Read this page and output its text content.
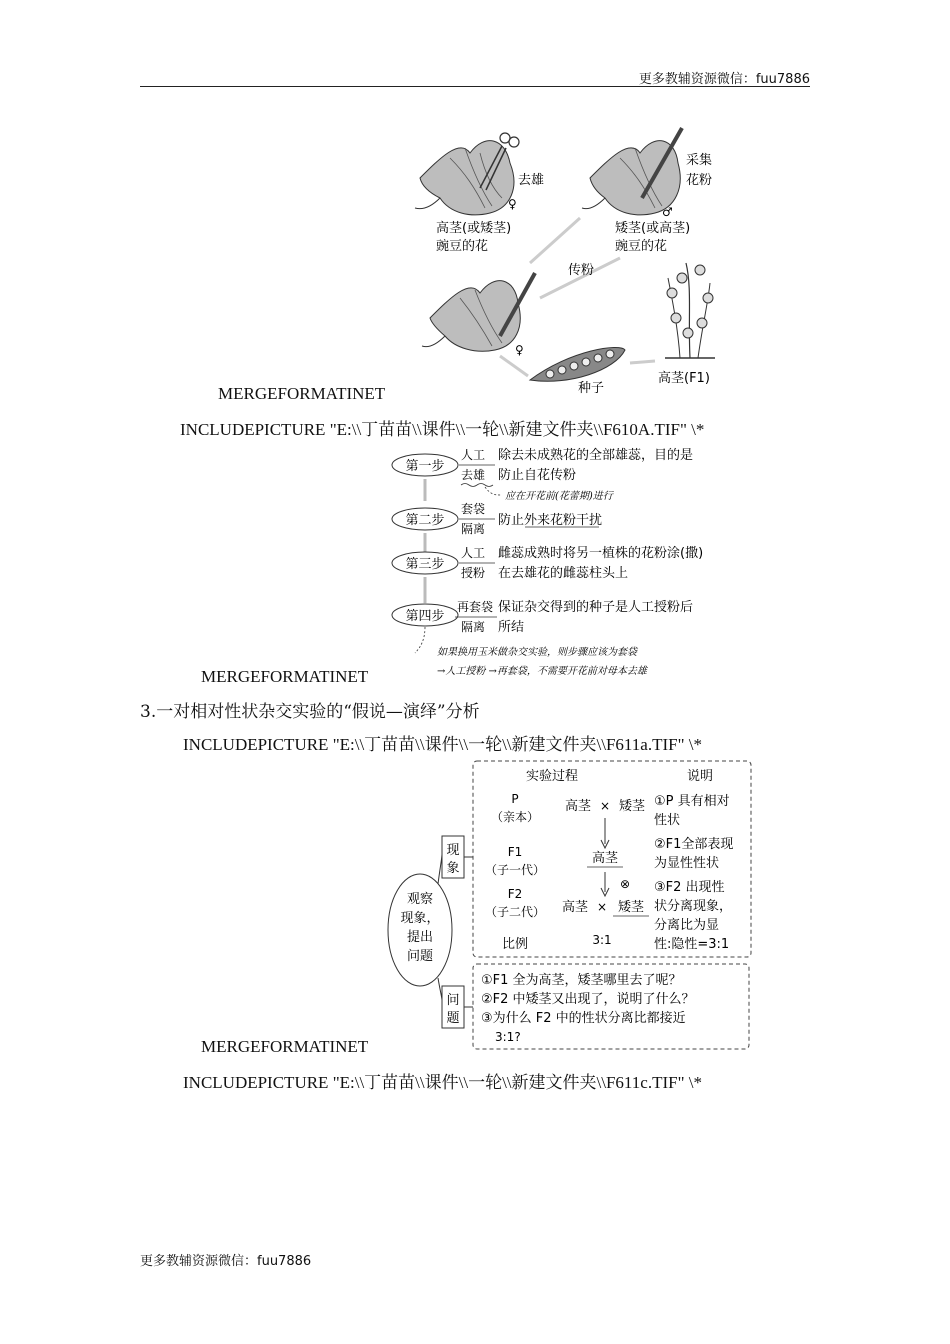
更多教辅资源微信：fuu7886
去雄
♀
高茎(或矮茎)
豌豆的花
采集
花粉
♂
矮茎(或高茎)
豌豆的花
传粉
♀
种子
高茎(F1)
MERGEFORMATINET
INCLUDEPICTURE "E:\\丁苗苗\\课件\\一轮\\新建文件夹\\F610A.TIF" \*
第一步
人工
去雄
除去未成熟花的全部雄蕊，目的是
防止自花传粉
应在开花前(花蕾期)进行
第二步
套袋
隔离
防止外来花粉干扰
第三步
人工
授粉
雌蕊成熟时将另一植株的花粉涂(撒)
在去雄花的雌蕊柱头上
第四步
再套袋
隔离
保证杂交得到的种子是人工授粉后
所结
如果换用玉米做杂交实验，则步骤应该为套袋
→人工授粉 →再套袋，不需要开花前对母本去雄
MERGEFORMATINET
3.一对相对性状杂交实验的“假说—演绎”分析
INCLUDEPICTURE "E:\\丁苗苗\\课件\\一轮\\新建文件夹\\F611a.TIF" \*
观察
现象，
提出
问题
现
象
问
题
实验过程	说明
P
（亲本）
高茎 × 矮茎
F1
（子一代）
高茎
⊗
F2
（子二代） 高茎 × 矮茎
比例	3:1
①P 具有相对
性状
②F1全部表现
为显性性状
③F2 出现性
状分离现象，
分离比为显
性:隐性=3:1
①F1 全为高茎，矮茎哪里去了呢？
②F2 中矮茎又出现了，说明了什么？
③为什么 F2 中的性状分离比都接近
3:1?
MERGEFORMATINET
INCLUDEPICTURE "E:\\丁苗苗\\课件\\一轮\\新建文件夹\\F611c.TIF" \*
更多教辅资源微信：fuu7886
